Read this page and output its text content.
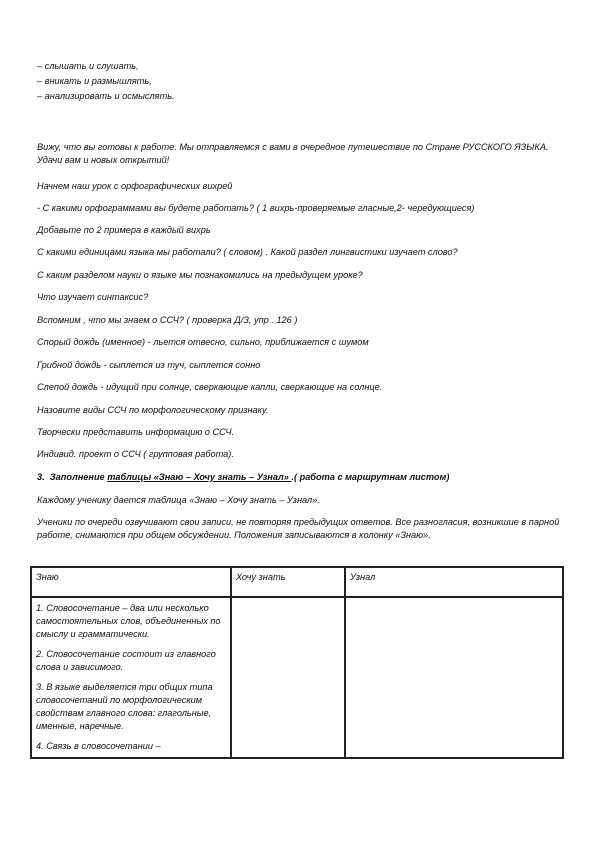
– слышать и слушать,
– вникать и размышлять,
– анализировать и осмыслять.
Вижу, что вы готовы к работе. Мы отправляемся с вами в очередное путешествие по Стране РУССКОГО ЯЗЫКА. Удачи вам и новых открытий!
Начнем наш урок с орфографических вихрей
- С какими орфограммами вы будете работать? ( 1 вихрь-проверяемые гласные,2- чередующиеся)
Добавьте по 2 примера в каждый вихрь
С какими единицами языка мы работали? ( словом) . Какой раздел лингвистики изучает слово?
С каким разделом науки о языке мы познакомились на предыдущем уроке?
Что изучает синтаксис?
Вспомним , что мы знаем о ССЧ? ( проверка Д/З, упр . 126 )
Спорый дождь (именное) - льется отвесно, сильно, приближается с шумом
Грибной дождь - сыплется из туч, сыплется сонно
Слепой дождь - идущий при солнце, сверкающие капли, сверкающие на солнце.
Назовите виды ССЧ по морфологическому признаку.
Творчески представить информацию о ССЧ.
Индивид. проект о ССЧ ( групповая работа).
3. Заполнение таблицы «Знаю – Хочу знать – Узнал» .( работа с маршрутнам листом)
Каждому ученику дается таблица «Знаю – Хочу знать – Узнал».
Ученики по очереди озвучивают свои записи, не повторяя предыдущих ответов. Все разногласия, возникшие в парной работе, снимаются при общем обсуждении. Положения записываются в колонку «Знаю».
Знаю	Хочу знать	Узнал

1. Словосочетание – два или несколько самостоятельных слов, объединенных по смыслу и грамматически.

2. Словосочетание состоит из главного слова и зависимого.

3. В языке выделяется три общих типа словосочетаний по морфологическим свойствам главного слова: глагольные, именные, наречные.

4. Связь в словосочетании –		
